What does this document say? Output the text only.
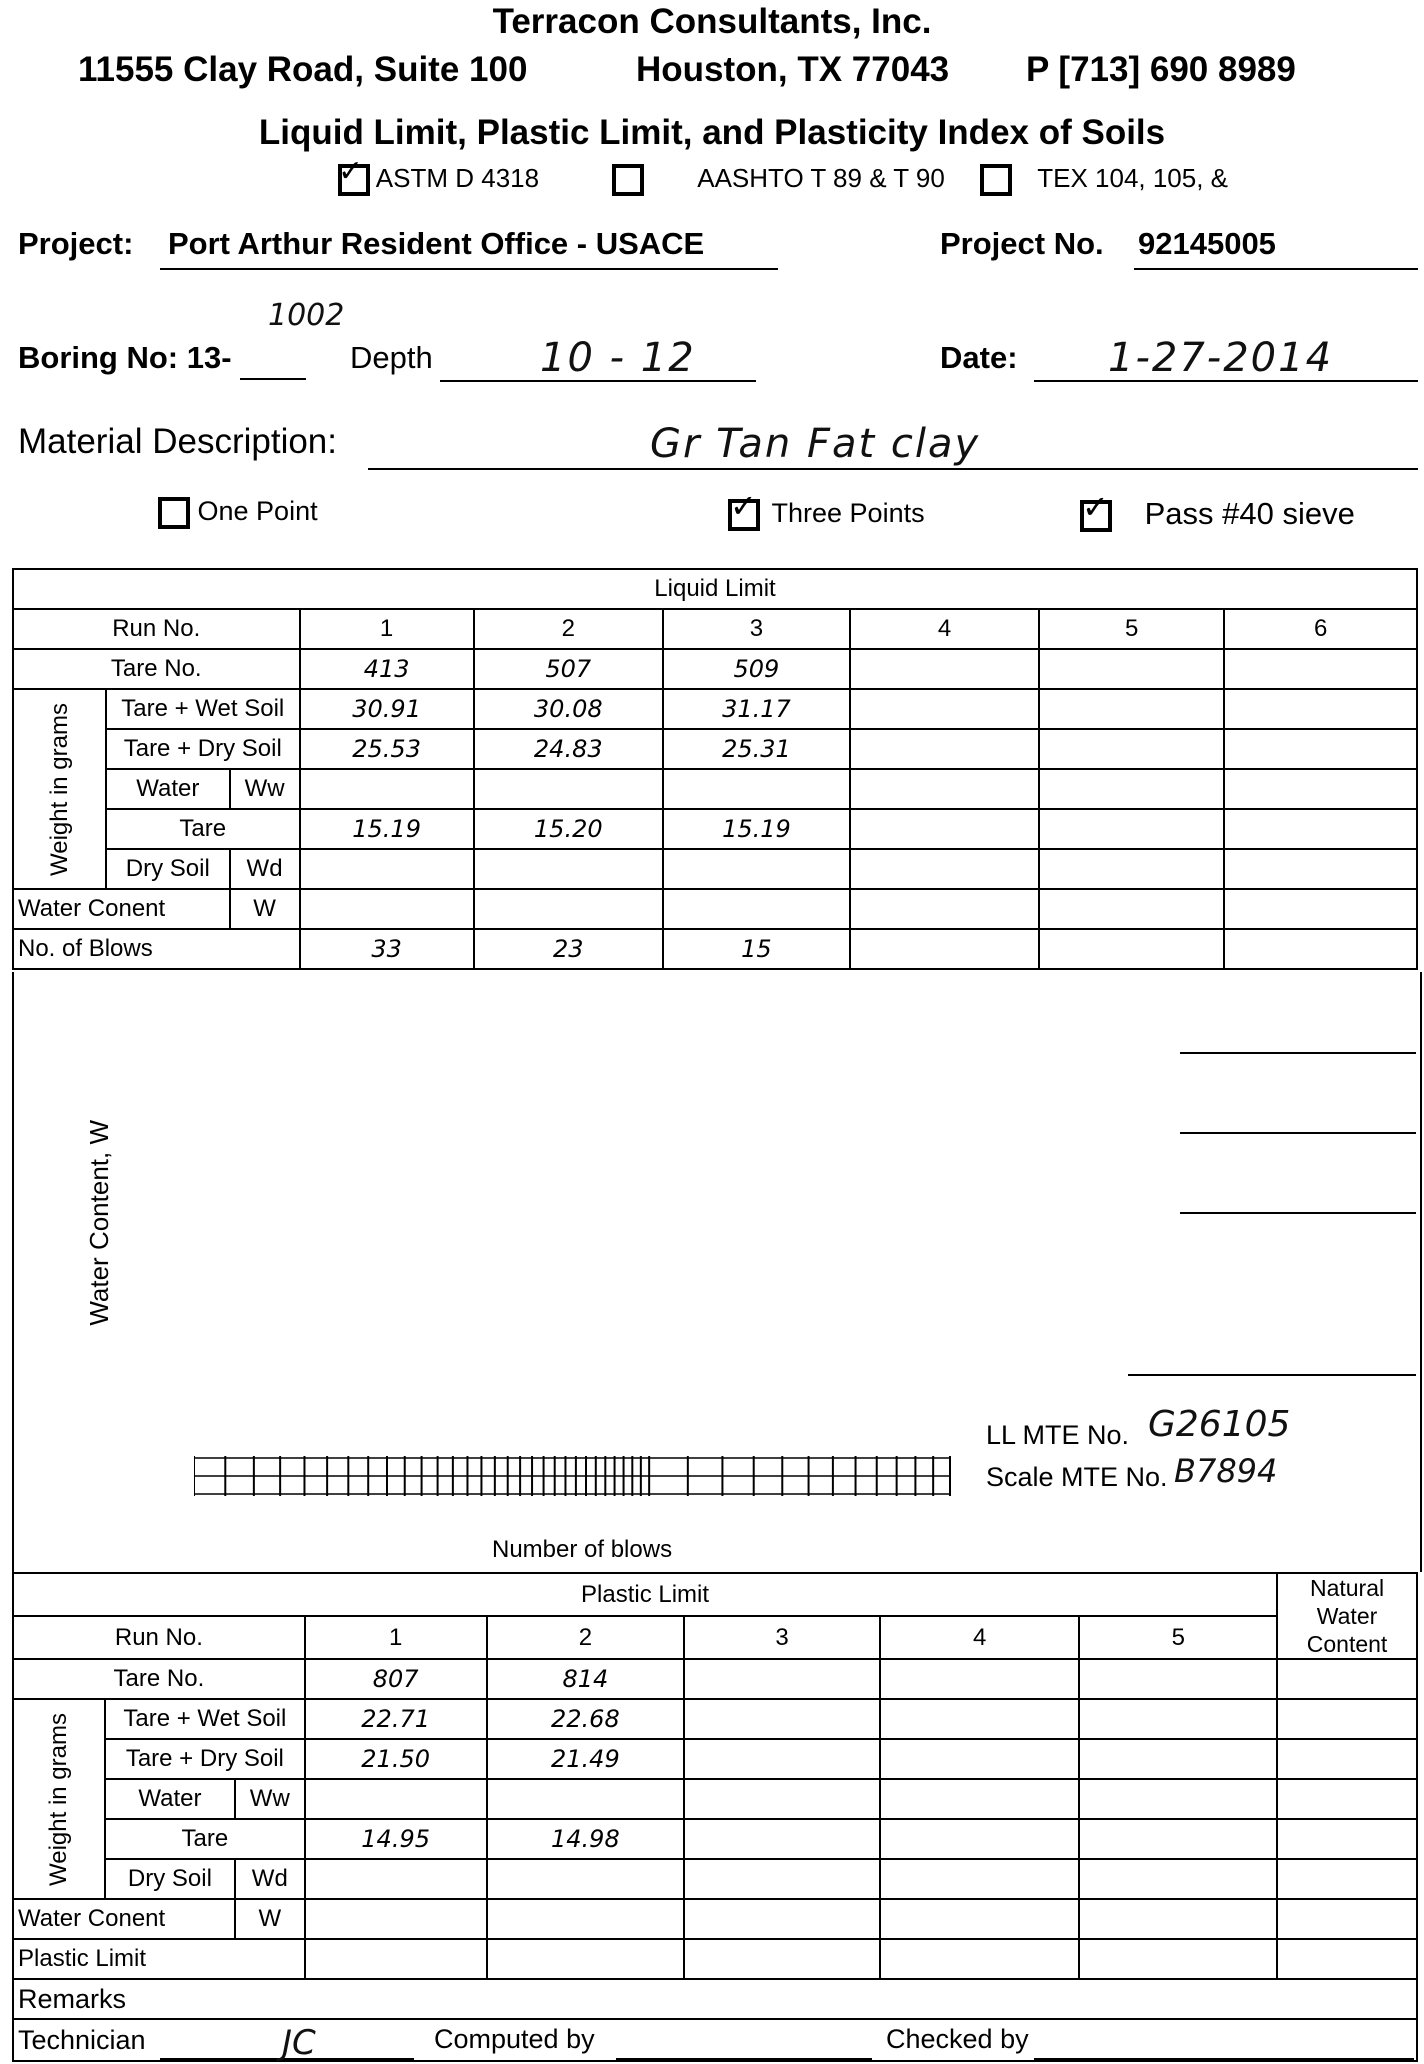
Terracon Consultants, Inc.
11555 Clay Road, Suite 100	Houston, TX 77043 P [713] 690 8989
Liquid Limit, Plastic Limit, and Plasticity Index of Soils
✓ ASTM D 4318	AASHTO T 89 & T 90	TEX 104, 105, &
Project: Port Arthur Resident Office - USACE	Project No. 92145005
Boring No: 13-
1002
Depth	10 - 12	Date:	1-27-2014
Material Description:	Gr Tan Fat clay
One Point	✓ Three Points	✓ Pass #40 sieve
Liquid Limit								
Run No.			1	2	3	4	5	6
Tare No.			413	507	509			

Weight in grams	Tare + Wet Soil		30.91	30.08	31.17			
	Tare + Dry Soil		25.53	24.83	25.31			
	Water	Ww						
	Tare		15.19	15.20	15.19			
	Dry Soil	Wd						
Water Conent		W						
No. of Blows			33	23	15			
Water Content, W
LL MTE No. G26105
Scale MTE No. B7894
Number of blows
Plastic Limit								Natural Water Content
Run No.			1	2	3	4	5	
Tare No.			807	814				

Weight in grams	Tare + Wet Soil		22.71	22.68				
	Tare + Dry Soil		21.50	21.49				
	Water	Ww						
	Tare		14.95	14.98				
	Dry Soil	Wd						
Water Conent		W						
Plastic Limit								
Remarks								
Technician									JC	Computed by	Checked by
